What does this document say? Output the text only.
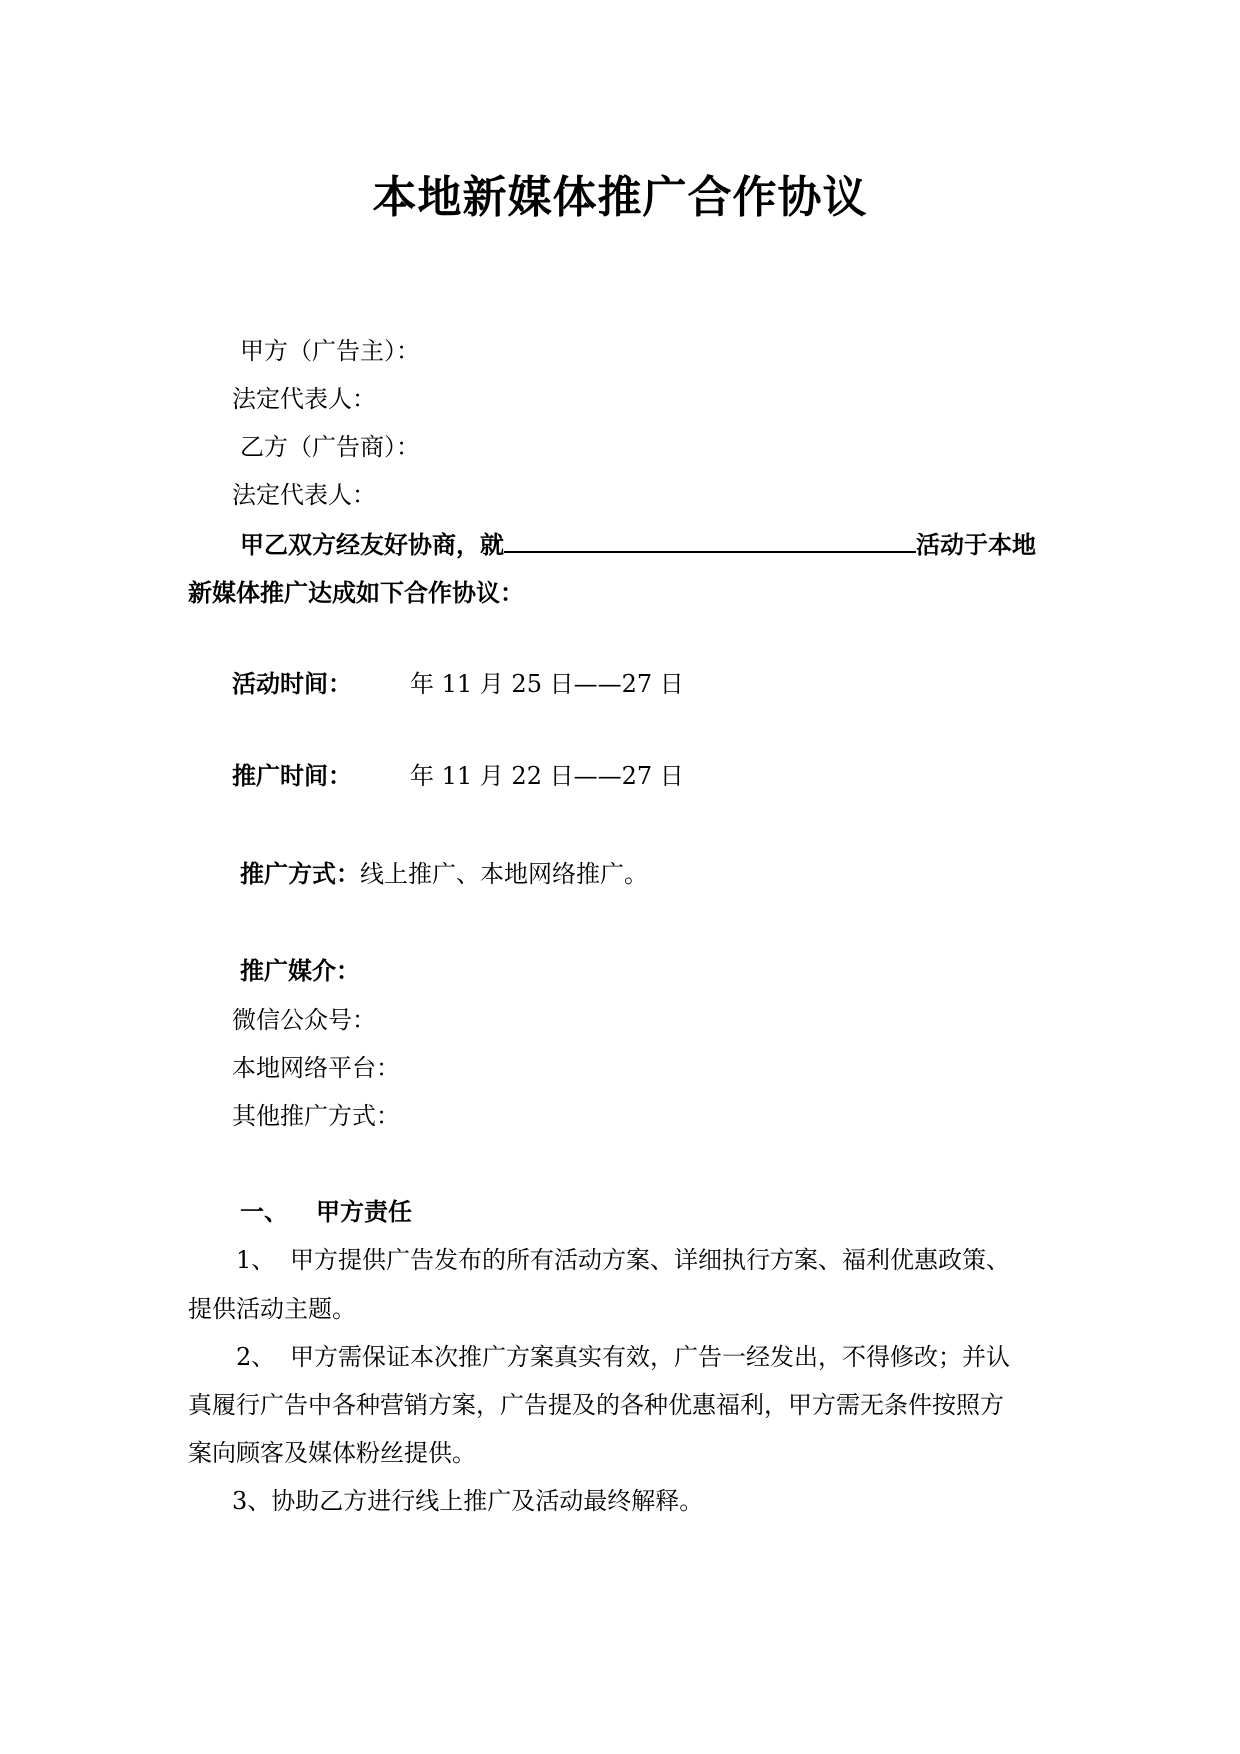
本地新媒体推广合作协议
甲方（广告主）：
法定代表人：
乙方（广告商）：
法定代表人：
甲乙双方经友好协商，就	活动于本地
新媒体推广达成如下合作协议：
活动时间：	年 11 月 25 日——27 日
推广时间：	年 11 月 22 日——27 日
推广方式：线上推广、本地网络推广。
推广媒介：
微信公众号：
本地网络平台：
其他推广方式：
一、 甲方责任
1、 甲方提供广告发布的所有活动方案、详细执行方案、福利优惠政策、
提供活动主题。
2、 甲方需保证本次推广方案真实有效，广告一经发出，不得修改；并认
真履行广告中各种营销方案，广告提及的各种优惠福利，甲方需无条件按照方
案向顾客及媒体粉丝提供。
3、协助乙方进行线上推广及活动最终解释。
